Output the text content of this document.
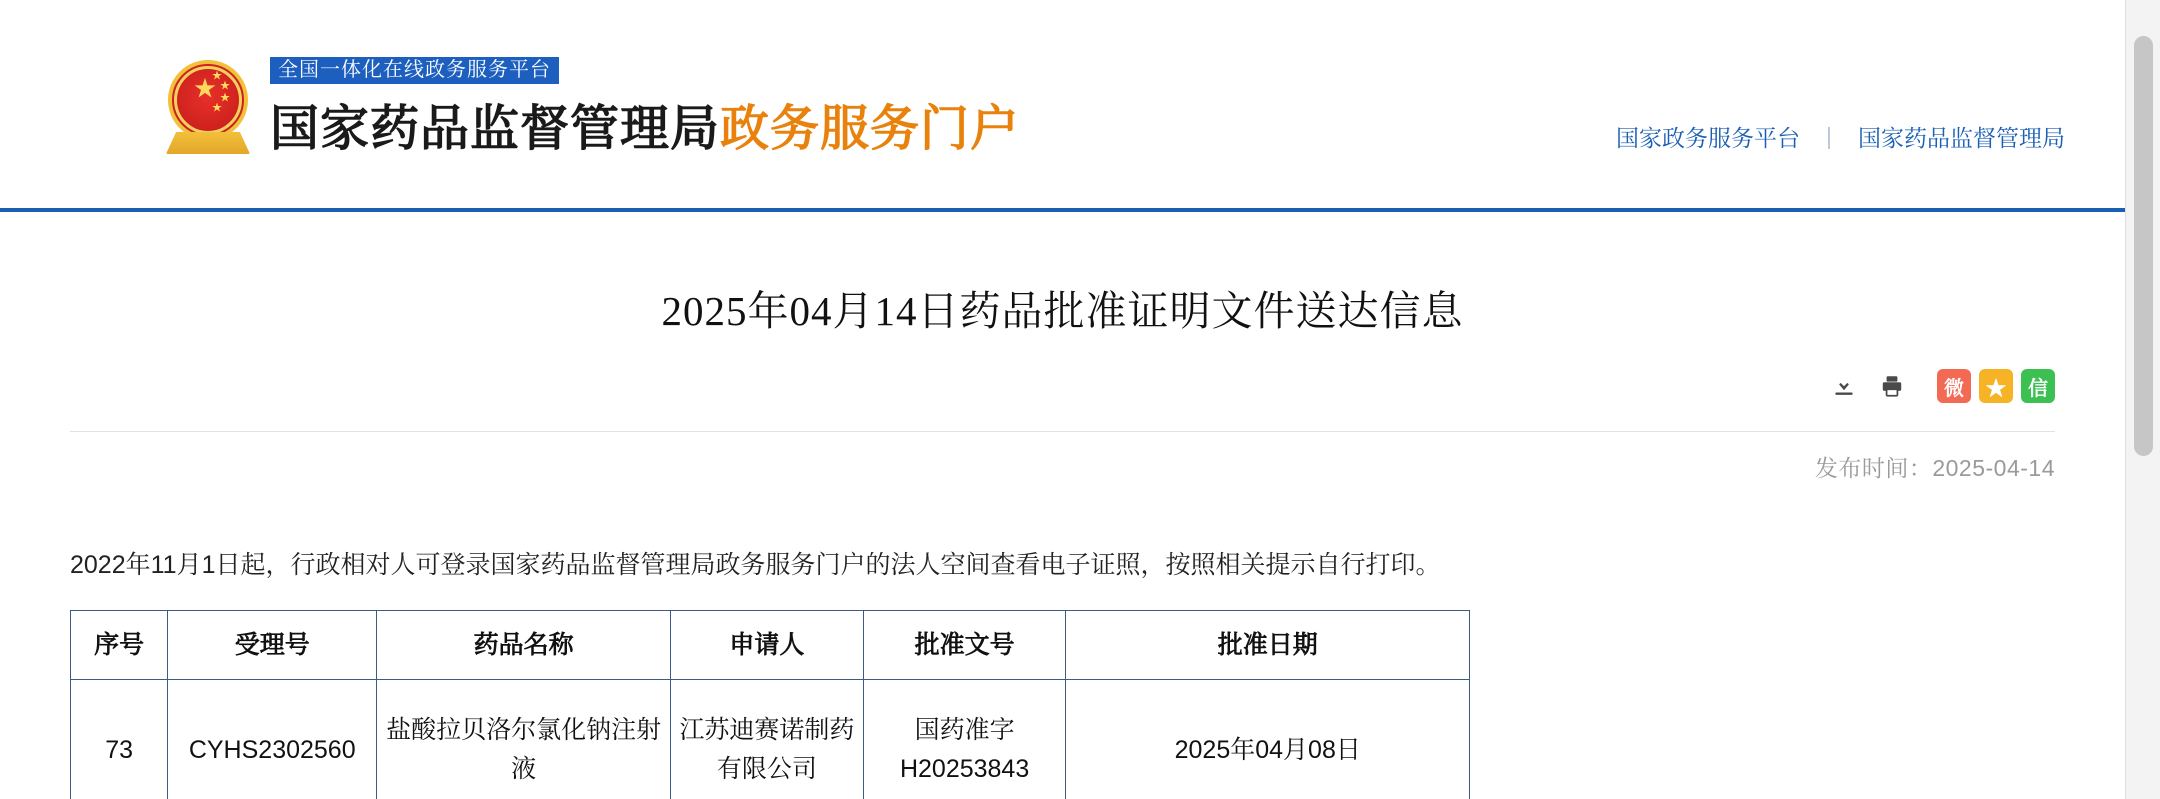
★
★
★
★
★
全国一体化在线政务服务平台
国家药品监督管理局 政务服务门户	国家政务服务平台 | 国家药品监督管理局
2025年04月14日药品批准证明文件送达信息
微	★	信
发布时间：2025-04-14

2022年11月1日起，行政相对人可登录国家药品监督管理局政务服务门户的法人空间查看电子证照，按照相关提示自行打印。

序号	受理号	药品名称	申请人	批准文号	批准日期
73	CYHS2302560	盐酸拉贝洛尔氯化钠注射液	江苏迪赛诺制药有限公司	国药准字H20253843	2025年04月08日
